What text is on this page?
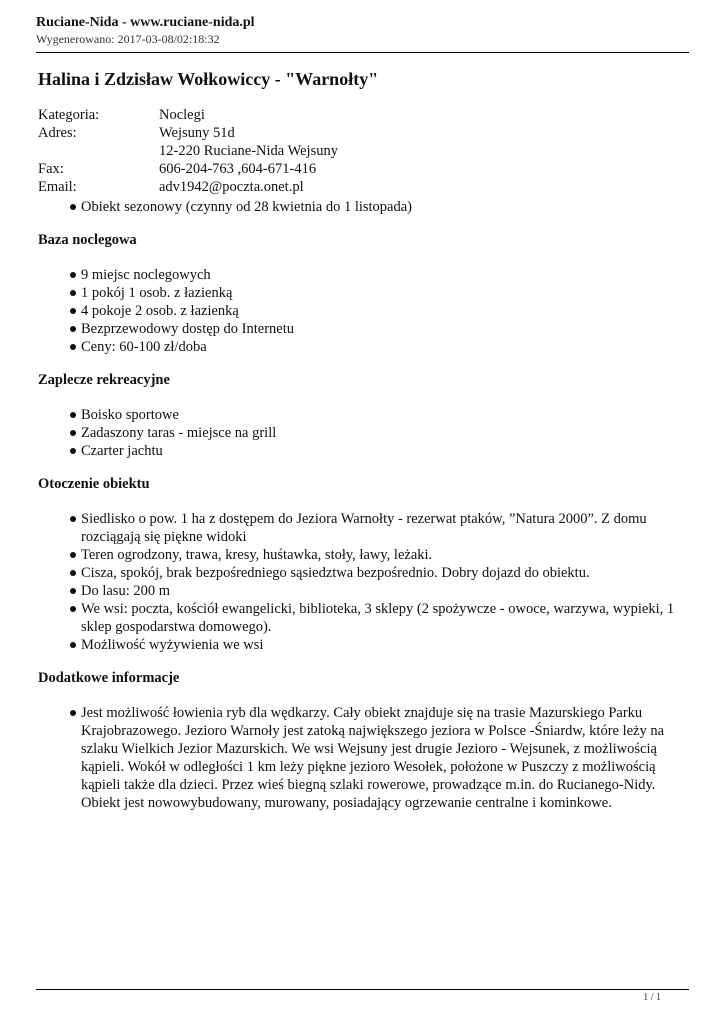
Ruciane-Nida - www.ruciane-nida.pl
Wygenerowano: 2017-03-08/02:18:32
Halina i Zdzisław Wołkowiccy - "Warnołty"
Kategoria:	Noclegi
Adres:	Wejsuny 51d
12-220 Ruciane-Nida Wejsuny
Fax:	606-204-763 ,604-671-416
Email:	adv1942@poczta.onet.pl
Obiekt sezonowy (czynny od 28 kwietnia do 1 listopada)
Baza noclegowa
9 miejsc noclegowych
1 pokój 1 osob. z łazienką
4 pokoje 2 osob. z łazienką
Bezprzewodowy dostęp do Internetu
Ceny: 60-100 zł/doba
Zaplecze rekreacyjne
Boisko sportowe
Zadaszony taras - miejsce na grill
Czarter jachtu
Otoczenie obiektu
Siedlisko o pow. 1 ha z dostępem do Jeziora Warnołty - rezerwat ptaków, ”Natura 2000”. Z domu rozciągają się piękne widoki
Teren ogrodzony, trawa, kresy, huśtawka, stoły, ławy, leżaki.
Cisza, spokój, brak bezpośredniego sąsiedztwa bezpośrednio. Dobry dojazd do obiektu.
Do lasu: 200 m
We wsi: poczta, kościół ewangelicki, biblioteka, 3 sklepy (2 spożywcze - owoce, warzywa, wypieki, 1 sklep gospodarstwa domowego).
Możliwość wyżywienia we wsi
Dodatkowe informacje
Jest możliwość łowienia ryb dla wędkarzy. Cały obiekt znajduje się na trasie Mazurskiego Parku Krajobrazowego. Jezioro Warnoły jest zatoką największego jeziora w Polsce -Śniardw, które leży na szlaku Wielkich Jezior Mazurskich. We wsi Wejsuny jest drugie Jezioro - Wejsunek, z możliwością kąpieli. Wokół w odległości 1 km leży piękne jezioro Wesołek, położone w Puszczy z możliwością kąpieli także dla dzieci. Przez wieś biegną szlaki rowerowe, prowadzące m.in. do Rucianego-Nidy. Obiekt jest nowowybudowany, murowany, posiadający ogrzewanie centralne i kominkowe.
1 / 1
